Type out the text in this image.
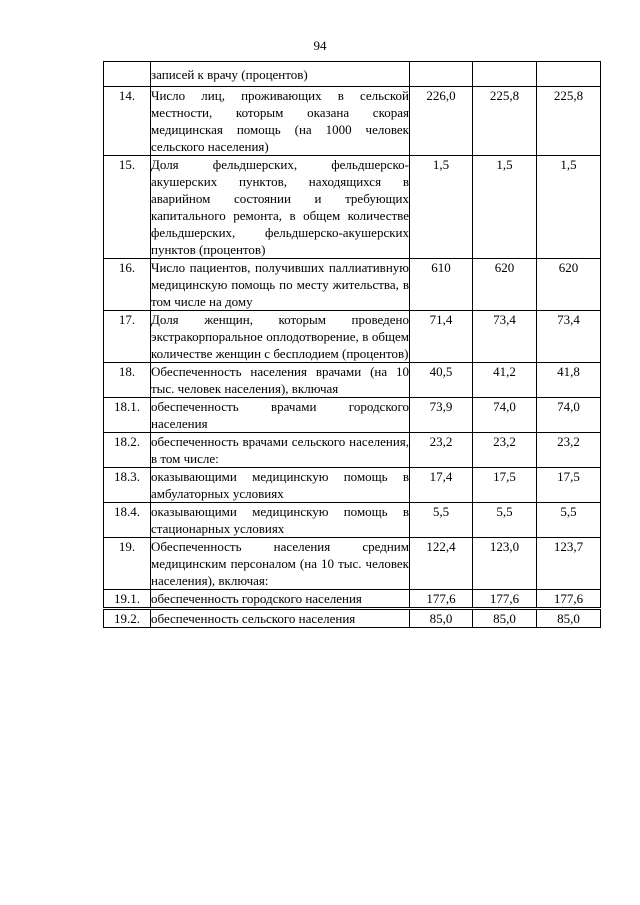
94
	записей к врачу (процентов)			
14.	Число лиц, проживающих в сельской местности, которым оказана скорая медицинская помощь (на 1000 человек сельского населения)	226,0	225,8	225,8
15.	Доля фельдшерских, фельдшерско-акушерских пунктов, находящихся в аварийном состоянии и требующих капитального ремонта, в общем количестве фельдшерских, фельдшерско-акушерских пунктов (процентов)	1,5	1,5	1,5
16.	Число пациентов, получивших паллиативную медицинскую помощь по месту жительства, в том числе на дому	610	620	620
17.	Доля женщин, которым проведено экстракорпоральное оплодотворение, в общем количестве женщин с бесплодием (процентов)	71,4	73,4	73,4
18.	Обеспеченность населения врачами (на 10 тыс. человек населения), включая	40,5	41,2	41,8
18.1.	обеспеченность врачами городского населения	73,9	74,0	74,0
18.2.	обеспеченность врачами сельского населения, в том числе:	23,2	23,2	23,2
18.3.	оказывающими медицинскую помощь в амбулаторных условиях	17,4	17,5	17,5
18.4.	оказывающими медицинскую помощь в стационарных условиях	5,5	5,5	5,5
19.	Обеспеченность населения средним медицинским персоналом (на 10 тыс. человек населения), включая:	122,4	123,0	123,7
19.1.	обеспеченность городского населения	177,6	177,6	177,6
19.2.	обеспеченность сельского населения	85,0	85,0	85,0
